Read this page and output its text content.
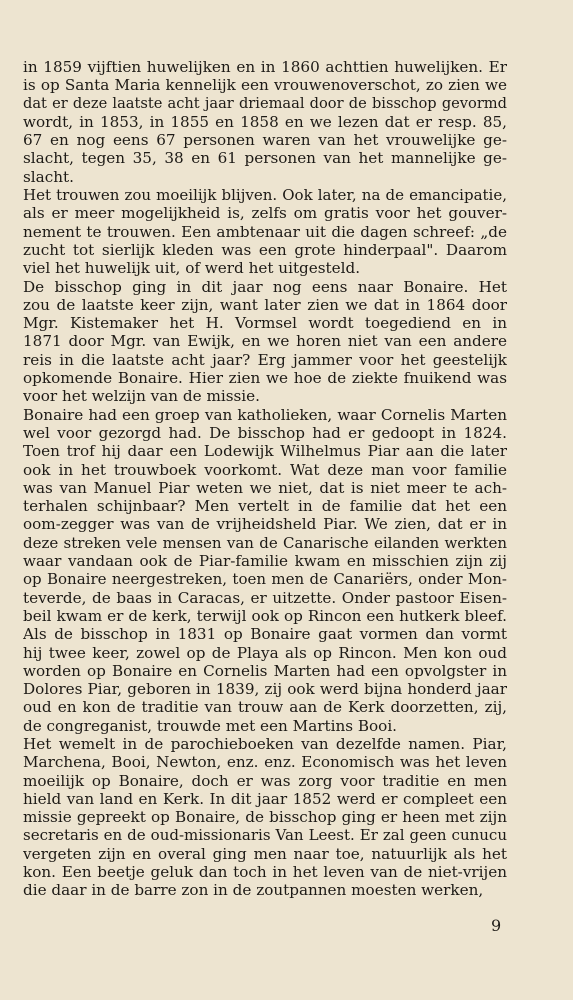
in 1859 vijftien huwelijken en in 1860 achttien huwelijken. Er
is op Santa Maria kennelijk een vrouwenoverschot, zo zien we
dat er deze laatste acht jaar driemaal door de bisschop gevormd
wordt, in 1853, in 1855 en 1858 en we lezen dat er resp. 85,
67 en nog eens 67 personen waren van het vrouwelijke ge-
slacht, tegen 35, 38 en 61 personen van het mannelijke ge-
slacht.
Het trouwen zou moeilijk blijven. Ook later, na de emancipatie,
als er meer mogelijkheid is, zelfs om gratis voor het gouver-
nement te trouwen. Een ambtenaar uit die dagen schreef: „de
zucht tot sierlijk kleden was een grote hinderpaal". Daarom
viel het huwelijk uit, of werd het uitgesteld.
De bisschop ging in dit jaar nog eens naar Bonaire. Het
zou de laatste keer zijn, want later zien we dat in 1864 door
Mgr. Kistemaker het H. Vormsel wordt toegediend en in
1871 door Mgr. van Ewijk, en we horen niet van een andere
reis in die laatste acht jaar? Erg jammer voor het geestelijk
opkomende Bonaire. Hier zien we hoe de ziekte fnuikend was
voor het welzijn van de missie.
Bonaire had een groep van katholieken, waar Cornelis Marten
wel voor gezorgd had. De bisschop had er gedoopt in 1824.
Toen trof hij daar een Lodewijk Wilhelmus Piar aan die later
ook in het trouwboek voorkomt. Wat deze man voor familie
was van Manuel Piar weten we niet, dat is niet meer te ach-
terhalen schijnbaar? Men vertelt in de familie dat het een
oom-zegger was van de vrijheidsheld Piar. We zien, dat er in
deze streken vele mensen van de Canarische eilanden werkten
waar vandaan ook de Piar-familie kwam en misschien zijn zij
op Bonaire neergestreken, toen men de Canariërs, onder Mon-
teverde, de baas in Caracas, er uitzette. Onder pastoor Eisen-
beil kwam er de kerk, terwijl ook op Rincon een hutkerk bleef.
Als de bisschop in 1831 op Bonaire gaat vormen dan vormt
hij twee keer, zowel op de Playa als op Rincon. Men kon oud
worden op Bonaire en Cornelis Marten had een opvolgster in
Dolores Piar, geboren in 1839, zij ook werd bijna honderd jaar
oud en kon de traditie van trouw aan de Kerk doorzetten, zij,
de congreganist, trouwde met een Martins Booi.
Het wemelt in de parochieboeken van dezelfde namen. Piar,
Marchena, Booi, Newton, enz. enz. Economisch was het leven
moeilijk op Bonaire, doch er was zorg voor traditie en men
hield van land en Kerk. In dit jaar 1852 werd er compleet een
missie gepreekt op Bonaire, de bisschop ging er heen met zijn
secretaris en de oud-missionaris Van Leest. Er zal geen cunucu
vergeten zijn en overal ging men naar toe, natuurlijk als het
kon. Een beetje geluk dan toch in het leven van de niet-vrijen
die daar in de barre zon in de zoutpannen moesten werken,
9
